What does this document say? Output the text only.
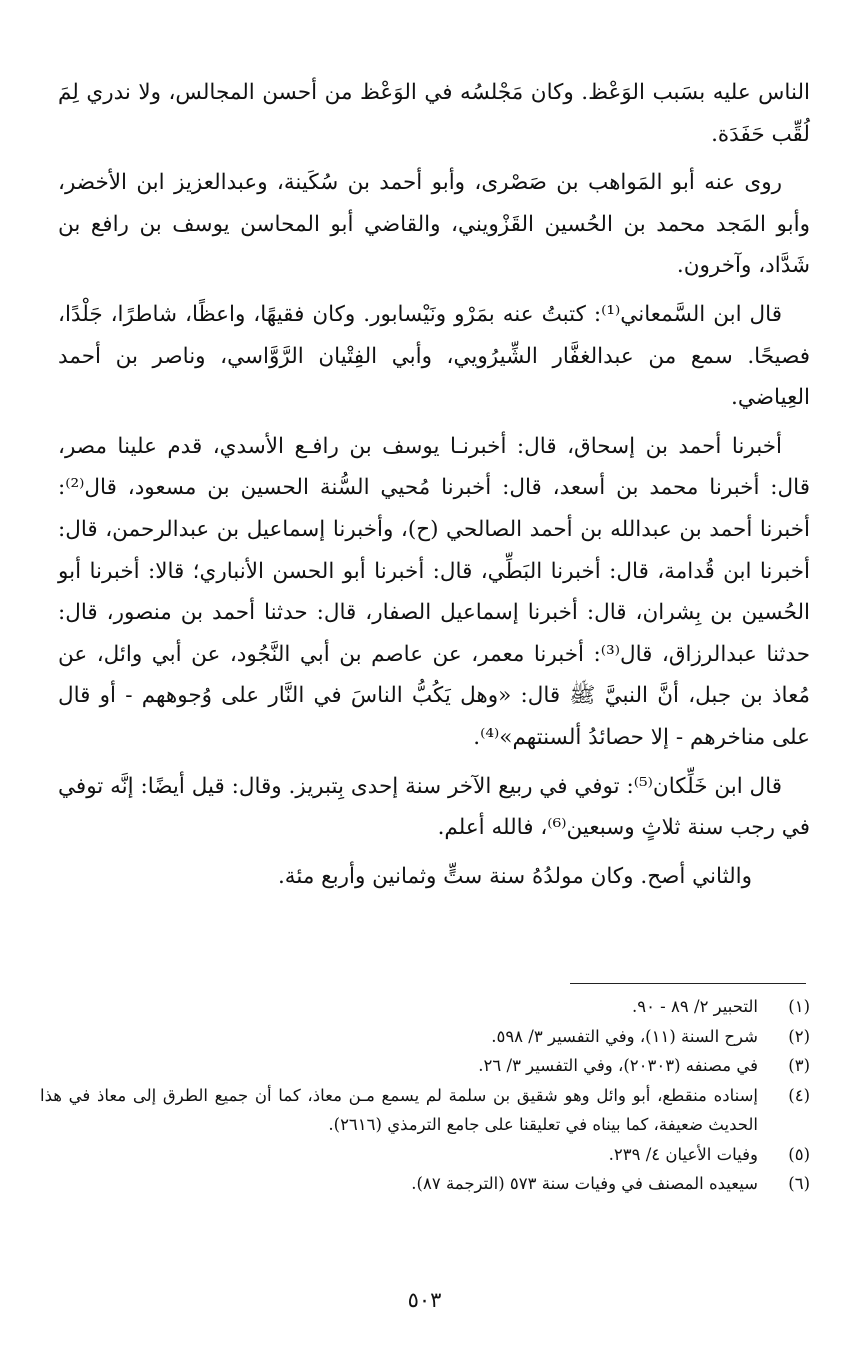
الناس عليه بسَبب الوَعْظ. وكان مَجْلسُه في الوَعْظ من أحسن المجالس، ولا ندري لِمَ لُقِّب حَفَدَة.

روى عنه أبو المَواهب بن صَصْرى، وأبو أحمد بن سُكَينة، وعبدالعزيز ابن الأخضر، وأبو المَجد محمد بن الحُسين القَزْويني، والقاضي أبو المحاسن يوسف بن رافع بن شَدَّاد، وآخرون.

قال ابن السَّمعاني⁽¹⁾: كتبتُ عنه بمَرْو ونَيْسابور. وكان فقيهًا، واعظًا، شاطرًا، جَلْدًا، فصيحًا. سمع من عبدالغفَّار الشِّيرُويي، وأبي الفِتْيان الرَّوَّاسي، وناصر بن أحمد العِياضي.

أخبرنا أحمد بن إسحاق، قال: أخبرنـا يوسف بن رافـع الأسدي، قدم علينا مصر، قال: أخبرنا محمد بن أسعد، قال: أخبرنا مُحيي السُّنة الحسين بن مسعود، قال⁽²⁾: أخبرنا أحمد بن عبدالله بن أحمد الصالحي (ح)، وأخبرنا إسماعيل بن عبدالرحمن، قال: أخبرنا ابن قُدامة، قال: أخبرنا البَطِّي، قال: أخبرنا أبو الحسن الأنباري؛ قالا: أخبرنا أبو الحُسين بن بِشران، قال: أخبرنا إسماعيل الصفار، قال: حدثنا أحمد بن منصور، قال: حدثنا عبدالرزاق، قال⁽³⁾: أخبرنا معمر، عن عاصم بن أبي النَّجُود، عن أبي وائل، عن مُعاذ بن جبل، أنَّ النبيَّ ﷺ قال: «وهل يَكُبُّ الناسَ في النَّار على وُجوههم - أو قال على مناخرهم - إلا حصائدُ ألسنتهم»⁽⁴⁾.

قال ابن خَلِّكان⁽⁵⁾: توفي في ربيع الآخر سنة إحدى بِتبريز. وقال: قيل أيضًا: إنَّه توفي في رجب سنة ثلاثٍ وسبعين⁽⁶⁾، فالله أعلم.

والثاني أصح. وكان مولدُهُ سنة ستٍّ وثمانين وأربع مئة.

(١)
التحبير ٢/ ٨٩ - ٩٠.
(٢)
شرح السنة (١١)، وفي التفسير ٣/ ٥٩٨.
(٣)
في مصنفه (٢٠٣٠٣)، وفي التفسير ٣/ ٢٦.
(٤)
إسناده منقطع، أبو وائل وهو شقيق بن سلمة لم يسمع مـن معاذ، كما أن جميع الطرق إلى معاذ في هذا الحديث ضعيفة، كما بيناه في تعليقنا على جامع الترمذي (٢٦١٦).
(٥)
وفيات الأعيان ٤/ ٢٣٩.
(٦)
سيعيده المصنف في وفيات سنة ٥٧٣ (الترجمة ٨٧).
٥٠٣
